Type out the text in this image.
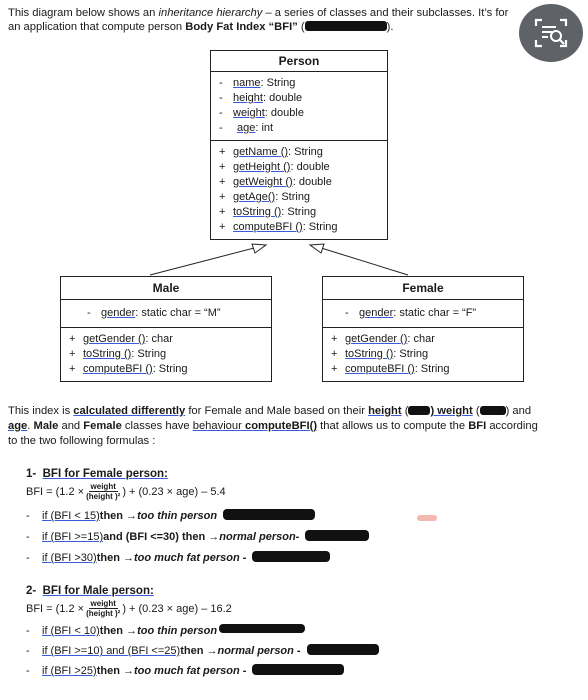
This diagram below shows an inheritance hierarchy – a series of classes and their subclasses. It’s for
an application that compute person Body Fat Index “BFI” (	).
Person
- name : String
- height : double
- weight : double
-	age : int
+ getName () : String
+ getHeight () : double
+ getWeight () : double
+ getAge() : String
+ toString () : String
+ computeBFI () : String
Male
- gender : static char = “M”
+ getGender () : char
+ toString () : String
+ computeBFI () : String
Female
- gender : static char = “F”
+ getGender () : char
+ toString () : String
+ computeBFI () : String
This index is calculated differently for Female and Male based on their height ( ) weight ( ) and
age. Male and Female classes have behaviour computeBFI() that allows us to compute the BFI according
to the two following formulas :
1- BFI for Female person:
BFI = ($1.2 \times \frac{\text{weight}}{\text{(height )²}}$ ) + (0.23 × age) – 5.4
-	if (BFI < 15) then → too thin person
-	if (BFI >=15) and (BFI <=30) then → normal person-
-	if (BFI >30) then → too much fat person -
2- BFI for Male person:
BFI = ($1.2 \times \frac{\text{weight}}{\text{(height )²}}$ ) + (0.23 × age) – 16.2
-	if (BFI < 10) then → too thin person
-	if (BFI >=10) and (BFI <=25) then → normal person -
-	if (BFI >25) then → too much fat person -
